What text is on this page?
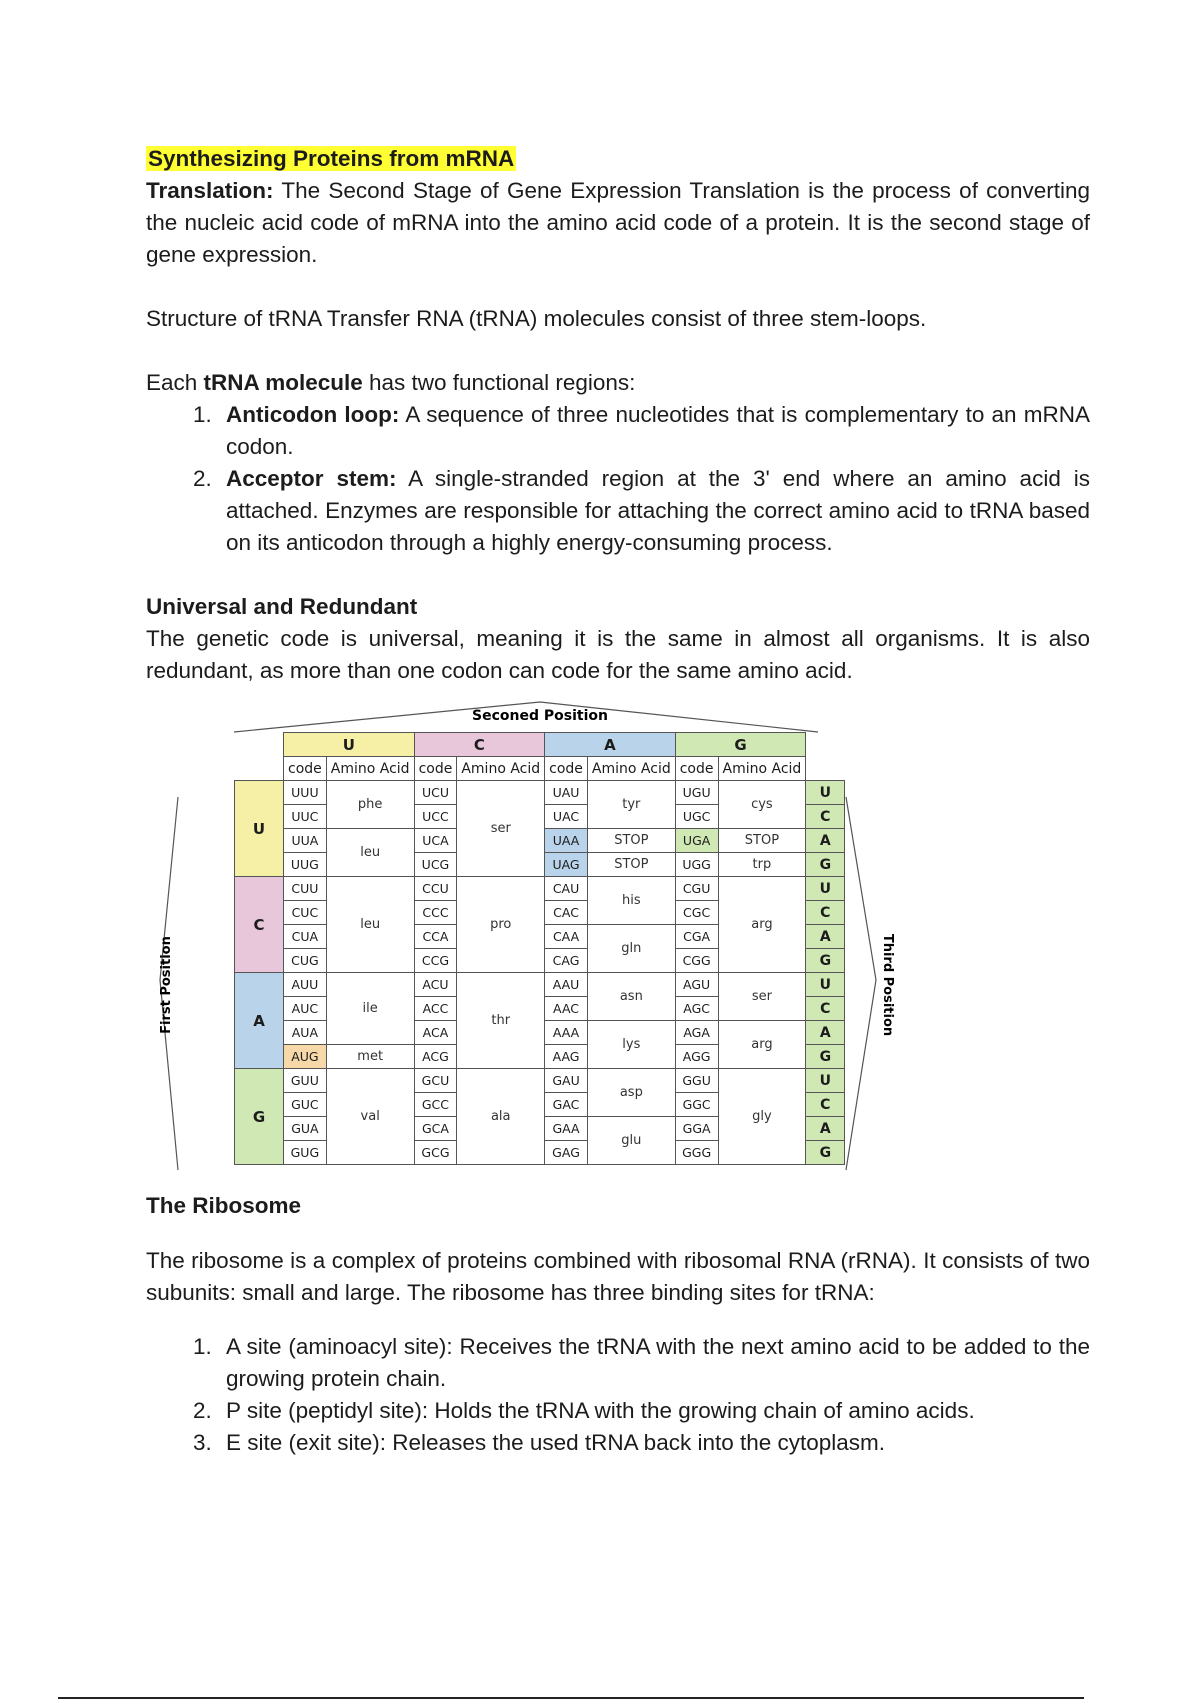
Synthesizing Proteins from mRNA

Translation: The Second Stage of Gene Expression Translation is the process of converting the nucleic acid code of mRNA into the amino acid code of a protein. It is the second stage of gene expression.

Structure of tRNA Transfer RNA (tRNA) molecules consist of three stem-loops.

Each tRNA molecule has two functional regions:

1. Anticodon loop: A sequence of three nucleotides that is complementary to an mRNA codon.
2. Acceptor stem: A single-stranded region at the 3' end where an amino acid is attached. Enzymes are responsible for attaching the correct amino acid to tRNA based on its anticodon through a highly energy-consuming process.
Universal and Redundant

The genetic code is universal, meaning it is the same in almost all organisms. It is also redundant, as more than one codon can code for the same amino acid.

Seconed Position
First Position	Third Position
	U		C		A		G		
	code	Amino Acid	code	Amino Acid	code	Amino Acid	code	Amino Acid	
U	UUU	phe	UCU	ser	UAU	tyr	UGU	cys	U
	UUC		UCC		UAC		UGC		C
	UUA	leu	UCA		UAA	STOP	UGA	STOP	A
	UUG		UCG		UAG	STOP	UGG	trp	G
C	CUU	leu	CCU	pro	CAU	his	CGU	arg	U
	CUC		CCC		CAC		CGC		C
	CUA		CCA		CAA	gln	CGA		A
	CUG		CCG		CAG		CGG		G
A	AUU	ile	ACU	thr	AAU	asn	AGU	ser	U
	AUC		ACC		AAC		AGC		C
	AUA		ACA		AAA	lys	AGA	arg	A
	AUG	met	ACG		AAG		AGG		G
G	GUU	val	GCU	ala	GAU	asp	GGU	gly	U
	GUC		GCC		GAC		GGC		C
	GUA		GCA		GAA	glu	GGA		A
	GUG		GCG		GAG		GGG		G
The Ribosome

The ribosome is a complex of proteins combined with ribosomal RNA (rRNA). It consists of two subunits: small and large. The ribosome has three binding sites for tRNA:

1. A site (aminoacyl site): Receives the tRNA with the next amino acid to be added to the growing protein chain.
2. P site (peptidyl site): Holds the tRNA with the growing chain of amino acids.
3. E site (exit site): Releases the used tRNA back into the cytoplasm.
